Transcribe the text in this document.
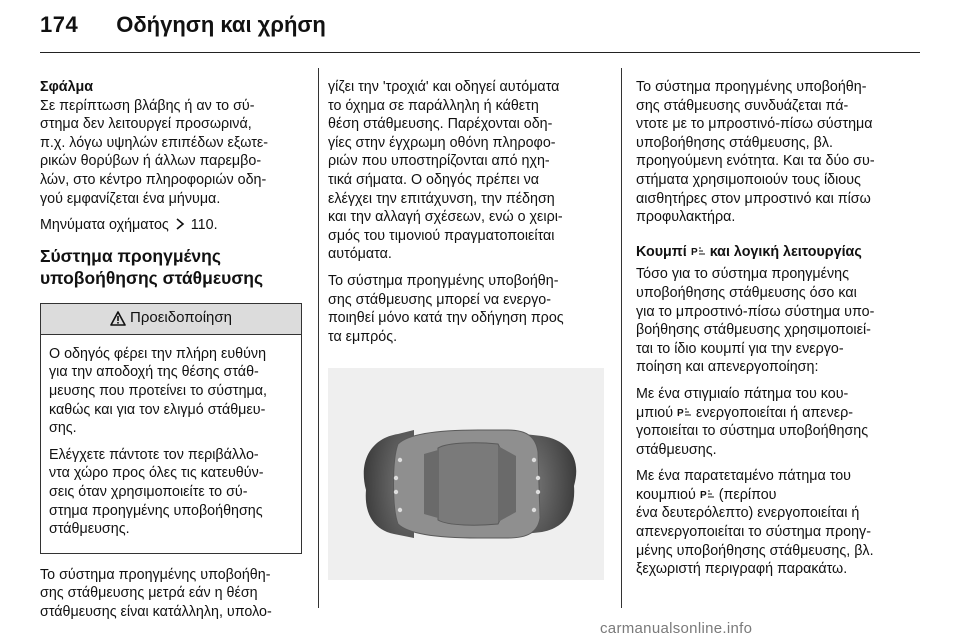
174 Οδήγηση και χρήση
Σφάλμα

Σε περίπτωση βλάβης ή αν το σύ-
στημα δεν λειτουργεί προσωρινά,
π.χ. λόγω υψηλών επιπέδων εξωτε-
ρικών θορύβων ή άλλων παρεμβο-
λών, στο κέντρο πληροφοριών οδη-
γού εμφανίζεται ένα μήνυμα.

Μηνύματα οχήματος 110.

Σύστημα προηγμένης
υποβοήθησης στάθμευσης
Προειδοποίηση

Ο οδηγός φέρει την πλήρη ευθύνη
για την αποδοχή της θέσης στάθ-
μευσης που προτείνει το σύστημα,
καθώς και για τον ελιγμό στάθμευ-
σης.

Ελέγχετε πάντοτε τον περιβάλλο-
ντα χώρο προς όλες τις κατευθύν-
σεις όταν χρησιμοποιείτε το σύ-
στημα προηγμένης υποβοήθησης
στάθμευσης.

Το σύστημα προηγμένης υποβοήθη-
σης στάθμευσης μετρά εάν η θέση
στάθμευσης είναι κατάλληλη, υπολο-

γίζει την 'τροχιά' και οδηγεί αυτόματα
το όχημα σε παράλληλη ή κάθετη
θέση στάθμευσης. Παρέχονται οδη-
γίες στην έγχρωμη οθόνη πληροφο-
ριών που υποστηρίζονται από ηχη-
τικά σήματα. Ο οδηγός πρέπει να
ελέγχει την επιτάχυνση, την πέδηση
και την αλλαγή σχέσεων, ενώ ο χειρι-
σμός του τιμονιού πραγματοποιείται
αυτόματα.

Το σύστημα προηγμένης υποβοήθη-
σης στάθμευσης μπορεί να ενεργο-
ποιηθεί μόνο κατά την οδήγηση προς
τα εμπρός.

Το σύστημα προηγμένης υποβοήθη-
σης στάθμευσης συνδυάζεται πά-
ντοτε με το μπροστινό-πίσω σύστημα
υποβοήθησης στάθμευσης, βλ.
προηγούμενη ενότητα. Και τα δύο συ-
στήματα χρησιμοποιούν τους ίδιους
αισθητήρες στον μπροστινό και πίσω
προφυλακτήρα.

Κουμπί P και λογική λειτουργίας

Τόσο για το σύστημα προηγμένης
υποβοήθησης στάθμευσης όσο και
για το μπροστινό-πίσω σύστημα υπο-
βοήθησης στάθμευσης χρησιμοποιεί-
ται το ίδιο κουμπί για την ενεργο-
ποίηση και απενεργοποίηση:

Με ένα στιγμιαίο πάτημα του κου-
μπιού P ενεργοποιείται ή απενερ-
γοποιείται το σύστημα υποβοήθησης
στάθμευσης.

Με ένα παρατεταμένο πάτημα του
κουμπιού P (περίπου
ένα δευτερόλεπτο) ενεργοποιείται ή
απενεργοποιείται το σύστημα προηγ-
μένης υποβοήθησης στάθμευσης, βλ.
ξεχωριστή περιγραφή παρακάτω.

carmanualsonline.info
